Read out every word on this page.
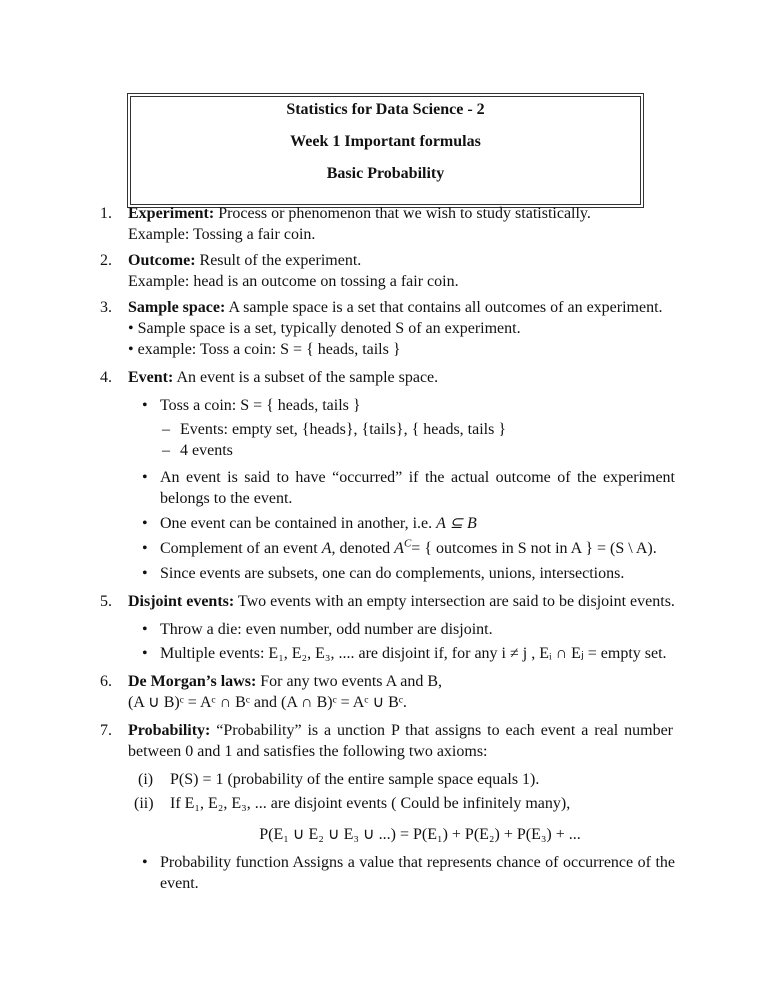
Statistics for Data Science - 2
Week 1 Important formulas
Basic Probability
1. Experiment: Process or phenomenon that we wish to study statistically.
Example: Tossing a fair coin.
2. Outcome: Result of the experiment.
Example: head is an outcome on tossing a fair coin.
3. Sample space: A sample space is a set that contains all outcomes of an experiment.
• Sample space is a set, typically denoted S of an experiment.
• example: Toss a coin: S = { heads, tails }
4. Event: An event is a subset of the sample space.
• Toss a coin: S = { heads, tails }
– Events: empty set, {heads}, {tails}, { heads, tails }
– 4 events
• An event is said to have “occurred” if the actual outcome of the experiment belongs to the event.
• One event can be contained in another, i.e. A ⊆ B
• Complement of an event A, denoted $A^C=$ { outcomes in S not in A } = (S \ A).
• Since events are subsets, one can do complements, unions, intersections.
5. Disjoint events: Two events with an empty intersection are said to be disjoint events.
• Throw a die: even number, odd number are disjoint.
• Multiple events: E₁, E₂, E₃, .... are disjoint if, for any i ≠ j , Eᵢ ∩ Eⱼ = empty set.
6. De Morgan’s laws: For any two events A and B,
(A ∪ B)ᶜ = Aᶜ ∩ Bᶜ and (A ∩ B)ᶜ = Aᶜ ∪ Bᶜ.
7. Probability: “Probability” is a unction P that assigns to each event a real number between 0 and 1 and satisfies the following two axioms:
(i) P(S) = 1 (probability of the entire sample space equals 1).
(ii) If E₁, E₂, E₃, ... are disjoint events ( Could be infinitely many),
P(E₁ ∪ E₂ ∪ E₃ ∪ ...) = P(E₁) + P(E₂) + P(E₃) + ...
• Probability function Assigns a value that represents chance of occurrence of the event.
